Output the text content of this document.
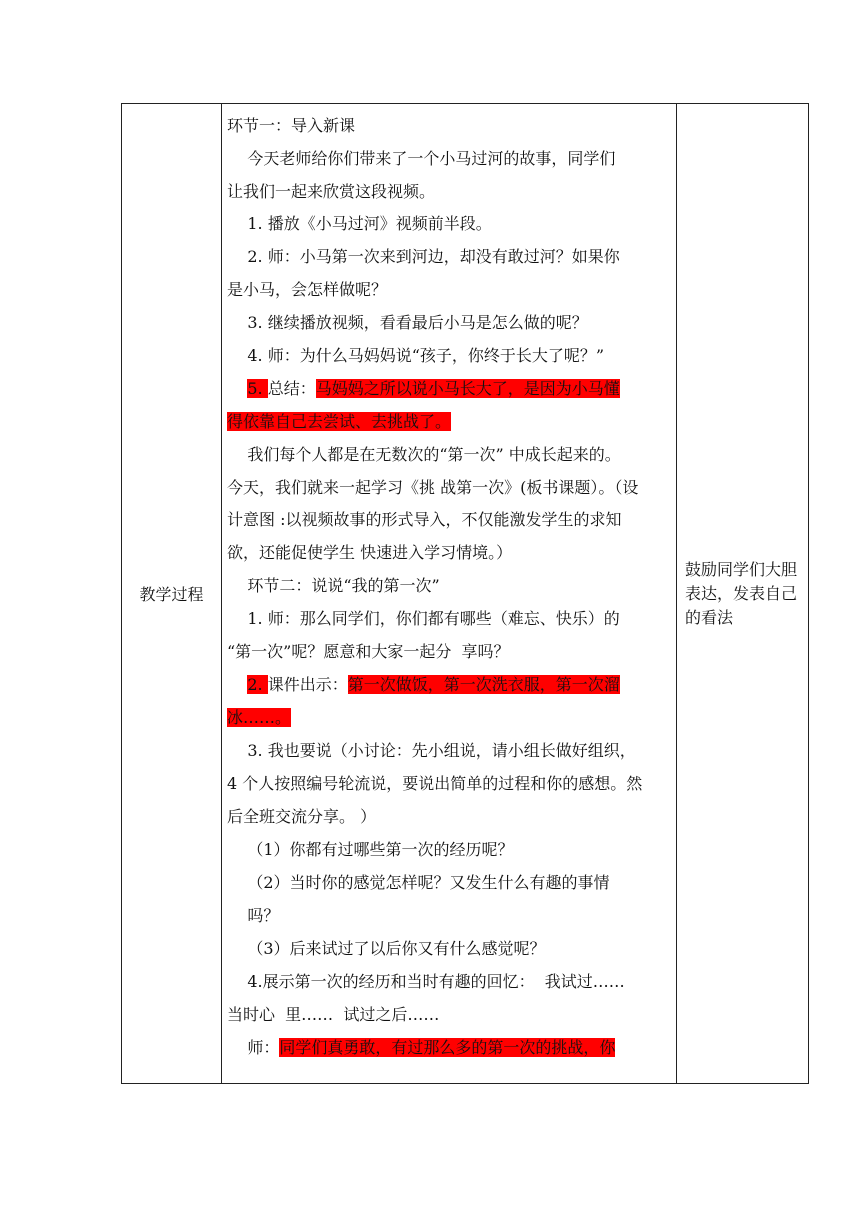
教学过程
环节一：导入新课
今天老师给你们带来了一个小马过河的故事，同学们
让我们一起来欣赏这段视频。
1. 播放《小马过河》视频前半段。
2. 师：小马第一次来到河边，却没有敢过河？如果你
是小马，会怎样做呢？
3. 继续播放视频，看看最后小马是怎么做的呢？
4. 师：为什么马妈妈说“孩子，你终于长大了呢？”
5. 总结：马妈妈之所以说小马长大了，是因为小马懂
得依靠自己去尝试、去挑战了。
我们每个人都是在无数次的“第一次” 中成长起来的。
今天，我们就来一起学习《挑 战第一次》(板书课题）。（设
计意图 :以视频故事的形式导入，不仅能激发学生的求知
欲，还能促使学生 快速进入学习情境。）
环节二：说说“我的第一次”
1. 师：那么同学们，你们都有哪些（难忘、快乐）的
“第一次”呢？愿意和大家一起分  享吗？
2. 课件出示：第一次做饭，第一次洗衣服，第一次溜
冰……。
3. 我也要说（小讨论：先小组说，请小组长做好组织，
4 个人按照编号轮流说，要说出简单的过程和你的感想。然
后全班交流分享。 ）
（1）你都有过哪些第一次的经历呢？
（2）当时你的感觉怎样呢？又发生什么有趣的事情
吗？
（3）后来试过了以后你又有什么感觉呢？
4.展示第一次的经历和当时有趣的回忆：  我试过……
当时心  里……  试过之后……
师：同学们真勇敢，有过那么多的第一次的挑战，你
鼓励同学们大胆表达，发表自己的看法
